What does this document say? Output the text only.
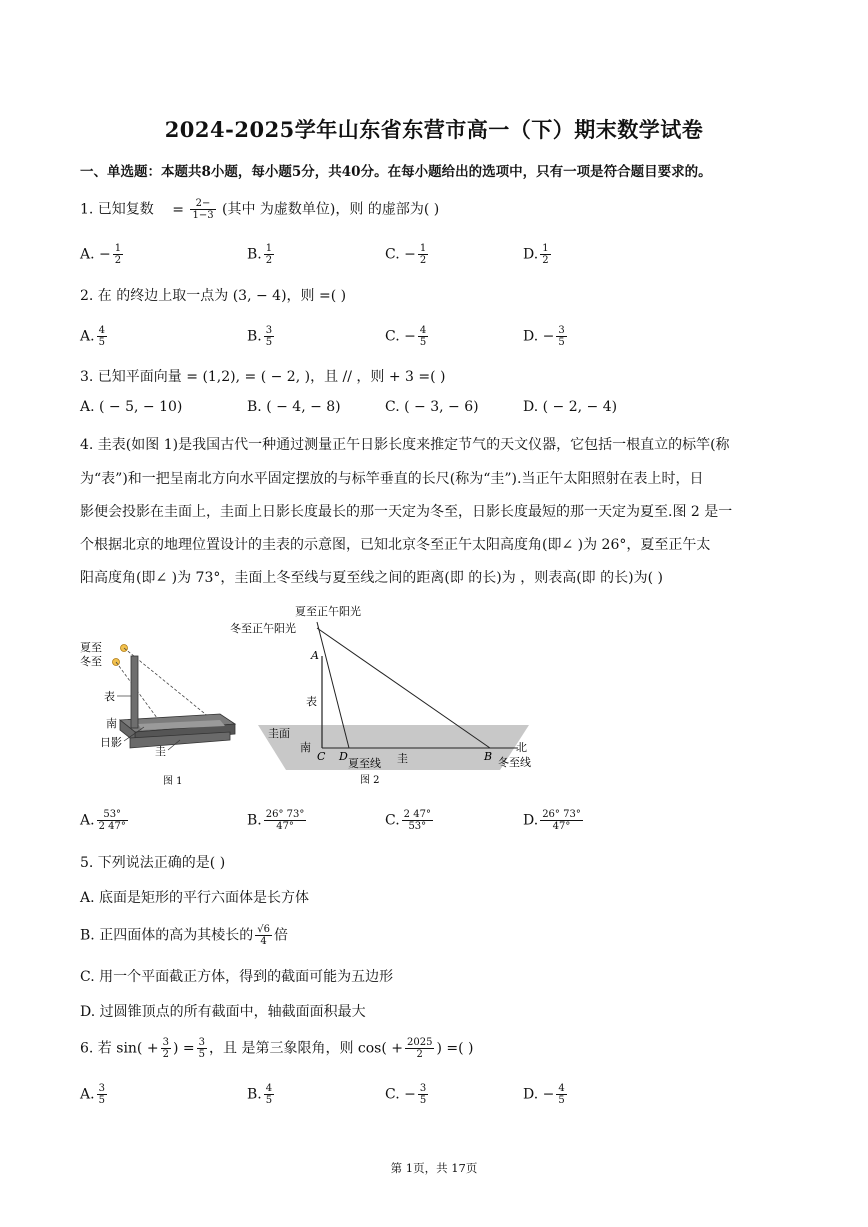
2024-2025学年山东省东营市高一（下）期末数学试卷
一、单选题：本题共8小题，每小题5分，共40分。在每小题给出的选项中，只有一项是符合题目要求的。
1. 已知复数 = $\frac{2-}{1-3}$ (其中 为虚数单位)，则 的虚部为( )
A. − $\frac{1}{2}$	B. $\frac{1}{2}$	C. − $\frac{1}{2}$	D. $\frac{1}{2}$
2. 在 的终边上取一点为 (3, − 4)，则 =( )
A. $\frac{4}{5}$	B. $\frac{3}{5}$	C. − $\frac{4}{5}$	D. − $\frac{3}{5}$
3. 已知平面向量 = (1,2), = ( − 2, )，且 // ，则 + 3 =( )
A. ( − 5, − 10)	B. ( − 4, − 8)	C. ( − 3, − 6)	D. ( − 2, − 4)
4. 圭表(如图 1)是我国古代一种通过测量正午日影长度来推定节气的天文仪器，它包括一根直立的标竿(称
为“表”)和一把呈南北方向水平固定摆放的与标竿垂直的长尺(称为“圭”).当正午太阳照射在表上时，日
影便会投影在圭面上，圭面上日影长度最长的那一天定为冬至，日影长度最短的那一天定为夏至.图 2 是一
个根据北京的地理位置设计的圭表的示意图，已知北京冬至正午太阳高度角(即∠ )为 26°，夏至正午太
阳高度角(即∠ )为 73°，圭面上冬至线与夏至线之间的距离(即 的长)为 ，则表高(即 的长)为( )
夏至
冬至
表
南
日影
圭
图 1
夏至正午阳光
冬至正午阳光
A
表
圭面
南
C D
夏至线 圭	B
北
冬至线
图 2
A. $\frac{53^\circ}{2 47^\circ}$	B. $\frac{26^\circ 73^\circ}{47^\circ}$	C. $\frac{2 47^\circ}{53^\circ}$	D. $\frac{26^\circ 73^\circ}{47^\circ}$
5. 下列说法正确的是( )
A. 底面是矩形的平行六面体是长方体
B. 正四面体的高为其棱长的 $\frac{√6}{4}$ 倍
C. 用一个平面截正方体，得到的截面可能为五边形
D. 过圆锥顶点的所有截面中，轴截面面积最大
6. 若 $\sin( + \frac{3}{2}$ ) = $\frac{3}{5}$ ，且 是第三象限角，则 $\cos( + \frac{2025}{2}$ ) =( )
A. $\frac{3}{5}$	B. $\frac{4}{5}$	C. − $\frac{3}{5}$	D. − $\frac{4}{5}$
第 1页，共 17页
